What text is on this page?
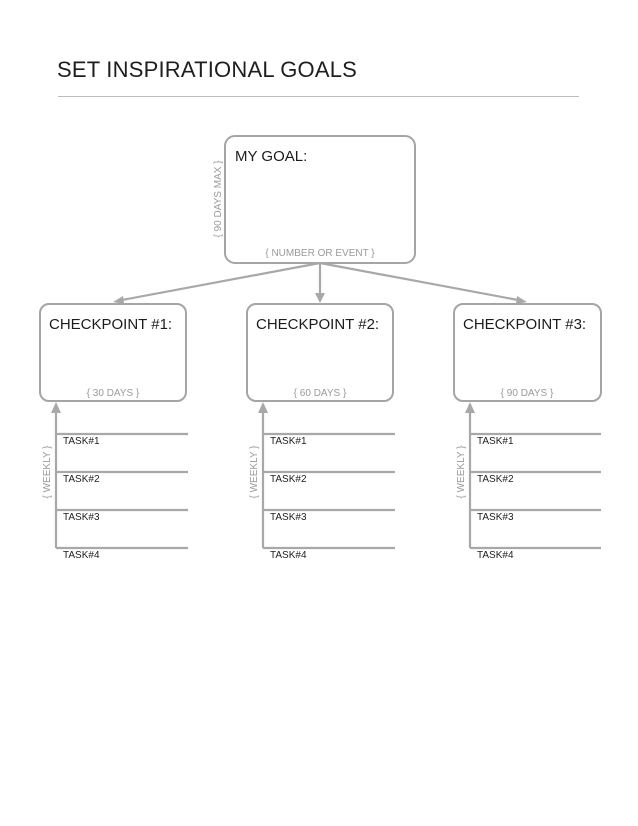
SET INSPIRATIONAL GOALS
MY GOAL:
{ NUMBER OR EVENT }
{ 90 DAYS MAX }
CHECKPOINT #1:
{ 30 DAYS }
{ WEEKLY }
TASK#1
TASK#2
TASK#3
TASK#4
CHECKPOINT #2:
{ 60 DAYS }
{ WEEKLY }
TASK#1
TASK#2
TASK#3
TASK#4
CHECKPOINT #3:
{ 90 DAYS }
{ WEEKLY }
TASK#1
TASK#2
TASK#3
TASK#4
